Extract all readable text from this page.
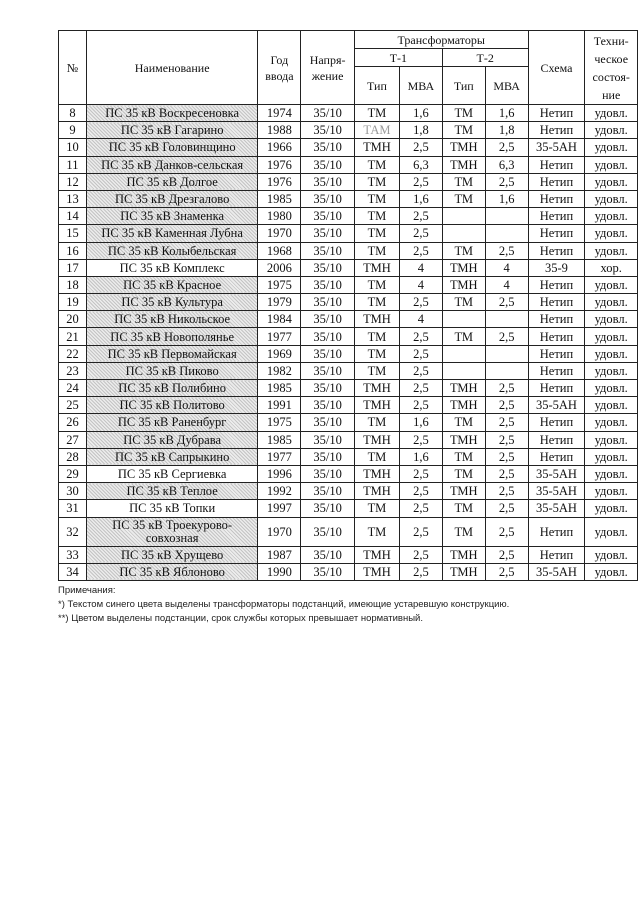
№	Наименование	Год ввода	Напря-жение	Трансформаторы				Схема	Техни-ческое состоя-ние
				Т-1		Т-2			
				Тип	МВА	Тип	МВА		
8	ПС 35 кВ Воскресеновка	1974	35/10	ТМ	1,6	ТМ	1,6	Нетип	удовл.
9	ПС 35 кВ Гагарино	1988	35/10	ТАМ	1,8	ТМ	1,8	Нетип	удовл.
10	ПС 35 кВ Головинщино	1966	35/10	ТМН	2,5	ТМН	2,5	35-5АН	удовл.
11	ПС 35 кВ Данков-сельская	1976	35/10	ТМ	6,3	ТМН	6,3	Нетип	удовл.
12	ПС 35 кВ Долгое	1976	35/10	ТМ	2,5	ТМ	2,5	Нетип	удовл.
13	ПС 35 кВ Дрезгалово	1985	35/10	ТМ	1,6	ТМ	1,6	Нетип	удовл.
14	ПС 35 кВ Знаменка	1980	35/10	ТМ	2,5			Нетип	удовл.
15	ПС 35 кВ Каменная Лубна	1970	35/10	ТМ	2,5			Нетип	удовл.
16	ПС 35 кВ Колыбельская	1968	35/10	ТМ	2,5	ТМ	2,5	Нетип	удовл.
17	ПС 35 кВ Комплекс	2006	35/10	ТМН	4	ТМН	4	35-9	хор.
18	ПС 35 кВ Красное	1975	35/10	ТМ	4	ТМН	4	Нетип	удовл.
19	ПС 35 кВ Культура	1979	35/10	ТМ	2,5	ТМ	2,5	Нетип	удовл.
20	ПС 35 кВ Никольское	1984	35/10	ТМН	4			Нетип	удовл.
21	ПС 35 кВ Новополянье	1977	35/10	ТМ	2,5	ТМ	2,5	Нетип	удовл.
22	ПС 35 кВ Первомайская	1969	35/10	ТМ	2,5			Нетип	удовл.
23	ПС 35 кВ Пиково	1982	35/10	ТМ	2,5			Нетип	удовл.
24	ПС 35 кВ Полибино	1985	35/10	ТМН	2,5	ТМН	2,5	Нетип	удовл.
25	ПС 35 кВ Политово	1991	35/10	ТМН	2,5	ТМН	2,5	35-5АН	удовл.
26	ПС 35 кВ Раненбург	1975	35/10	ТМ	1,6	ТМ	2,5	Нетип	удовл.
27	ПС 35 кВ Дубрава	1985	35/10	ТМН	2,5	ТМН	2,5	Нетип	удовл.
28	ПС 35 кВ Сапрыкино	1977	35/10	ТМ	1,6	ТМ	2,5	Нетип	удовл.
29	ПС 35 кВ Сергиевка	1996	35/10	ТМН	2,5	ТМ	2,5	35-5АН	удовл.
30	ПС 35 кВ Теплое	1992	35/10	ТМН	2,5	ТМН	2,5	35-5АН	удовл.
31	ПС 35 кВ Топки	1997	35/10	ТМ	2,5	ТМ	2,5	35-5АН	удовл.
32	ПС 35 кВ Троекурово-совхозная	1970	35/10	ТМ	2,5	ТМ	2,5	Нетип	удовл.
33	ПС 35 кВ Хрущево	1987	35/10	ТМН	2,5	ТМН	2,5	Нетип	удовл.
34	ПС 35 кВ Яблоново	1990	35/10	ТМН	2,5	ТМН	2,5	35-5АН	удовл.
Примечания:
*) Текстом синего цвета выделены трансформаторы подстанций, имеющие устаревшую конструкцию.
**) Цветом выделены подстанции, срок службы которых превышает нормативный.
